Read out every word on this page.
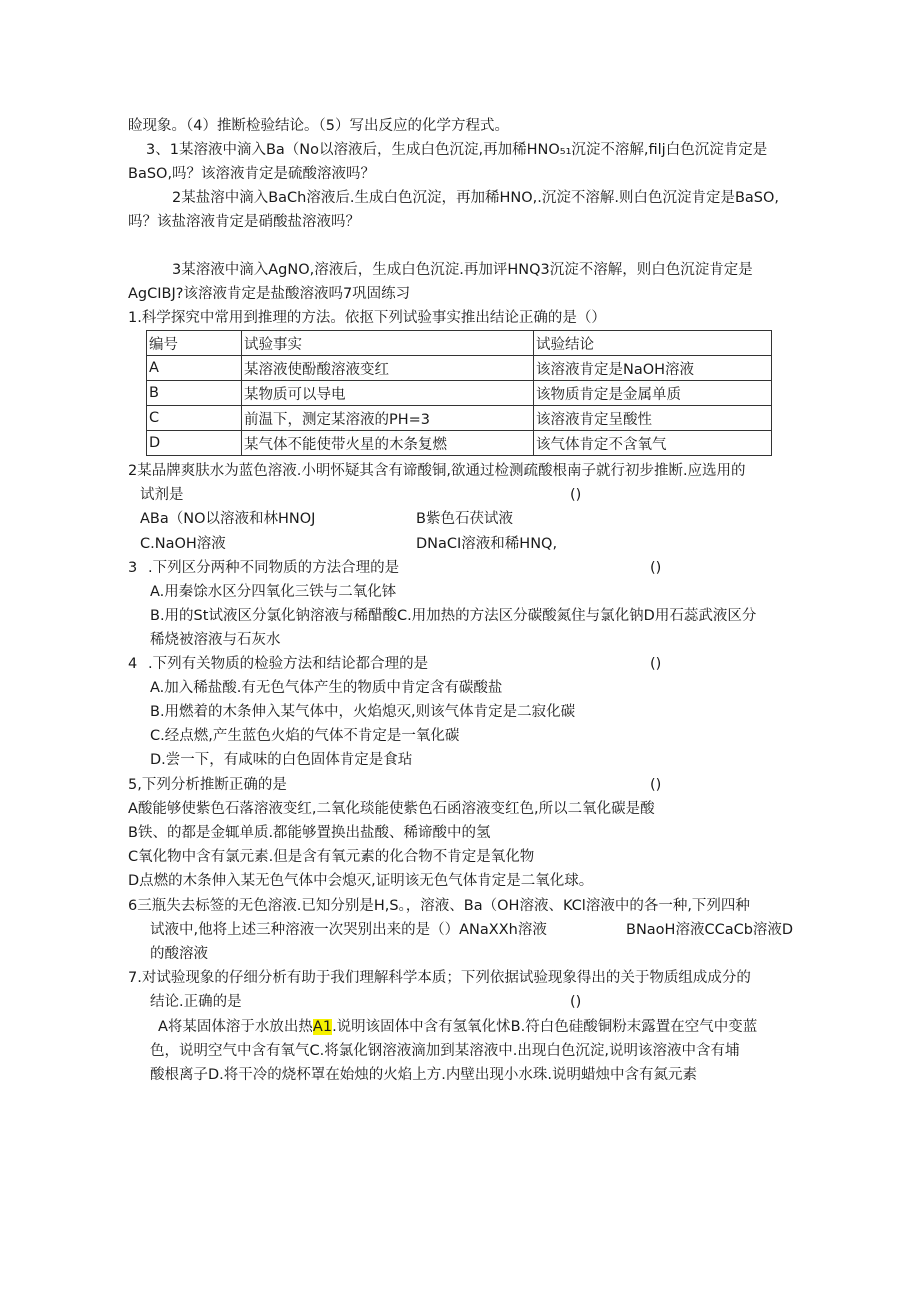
睑现象。（4）推断检验结论。（5）写出反应的化学方程式。
3、1某溶液中滴入Ba（No以溶液后，生成白色沉淀,再加稀HNO₅₁沉淀不溶解,filj白色沉淀肯定是
BaSO,吗？该溶液肯定是硫酸溶液吗？
2某盐溶中滴入BaCh溶液后.生成白色沉淀，再加稀HNO,.沉淀不溶解.则白色沉淀肯定是BaSO,
吗？该盐溶液肯定是硝酸盐溶液吗？
3某溶液中滴入AgNO,溶液后，生成白色沉淀.再加评HNQ3沉淀不溶解，则白色沉淀肯定是
AgCIBJ?该溶液肯定是盐酸溶液吗7巩固练习
1.科学探究中常用到推理的方法。依抠下列试验事实推出结论正确的是（）
编号	试验事实	试验结论
A	某溶液使酚酸溶液变红	该溶液肯定是NaOH溶液
B	某物质可以导电	该物质肯定是金属单质
C	前温下，测定某溶液的PH=3	该溶液肯定呈酸性
D	某气体不能使带火星的木条复燃	该气体肯定不含氧气
2某品牌爽肤水为蓝色溶液.小明怀疑其含有谛酸铜,欲通过检测疏酸根南子就行初步推断.应选用的
试剂是	()
ABa（NO以溶液和林HNOJ	B紫色石茯试液
C.NaOH溶液	DNaCI溶液和稀HNQ,
3 .下列区分两种不同物质的方法合理的是	()
A.用秦馀水区分四氧化三铁与二氧化钵
B.用的St试液区分氯化钠溶液与稀醋酸C.用加热的方法区分碳酸氮住与氯化钠D用石蕊武液区分
稀烧被溶液与石灰水
4 .下列有关物质的检验方法和结论都合理的是	()
A.加入稀盐酸.有无色气体产生的物质中肯定含有碳酸盐
B.用燃着的木条伸入某气体中，火焰熄灭,则该气体肯定是二寂化碳
C.经点燃,产生蓝色火焰的气体不肯定是一氧化碳
D.尝一下，有咸味的白色固体肯定是食玷
5,下列分析推断正确的是	()
A酸能够使紫色石落溶液变红,二氧化琰能使紫色石函溶液变红色,所以二氧化碳是酸
B铁、的都是金辄单质.都能够置换出盐酸、稀谛酸中的氢
C氧化物中含有氯元素.但是含有氧元素的化合物不肯定是氧化物
D点燃的木条伸入某无色气体中会熄灭,证明该无色气体肯定是二氧化球。
6三瓶失去标签的无色溶液.已知分别是H,S。，溶液、Ba（OH溶液、KCl溶液中的各一种,下列四种
试液中,他将上述三种溶液一次哭别出来的是（）ANaXXh溶液	BNaoH溶液CCaCb溶液D
的酸溶液
7.对试验现象的仔细分析有助于我们理解科学本质；下列依据试验现象得出的关于物质组成成分的
结论.正确的是	()
A将某固体溶于水放出热A1.说明该固体中含有氢氧化怵B.符白色硅酸铜粉末露置在空气中变蓝
色，说明空气中含有氧气C.将氯化钢溶液滴加到某溶液中.出现白色沉淀,说明该溶液中含有埔
酸根离子D.将干冷的烧杯罩在始烛的火焰上方.内壁出现小水珠.说明蜡烛中含有氮元素
